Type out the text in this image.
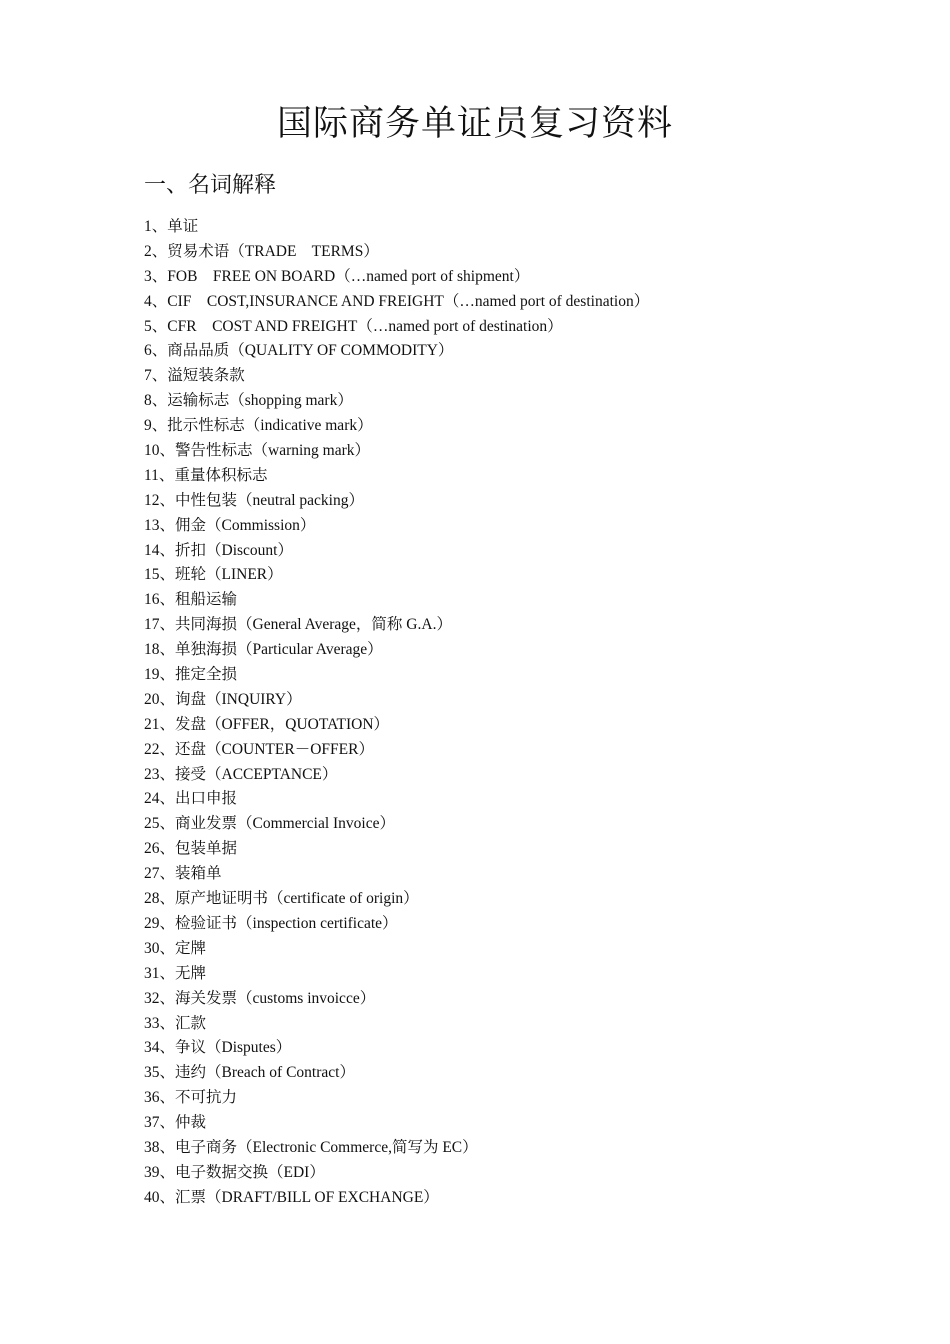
国际商务单证员复习资料
一、名词解释
1、 单证
2、 贸易术语（TRADE    TERMS）
3、 FOB    FREE ON BOARD（…named port of shipment）
4、 CIF    COST,INSURANCE AND FREIGHT（…named port of destination）
5、 CFR    COST AND FREIGHT（…named port of destination）
6、 商品品质（QUALITY OF COMMODITY）
7、 溢短装条款
8、 运输标志（shopping mark）
9、 批示性标志（indicative mark）
10、 警告性标志（warning mark）
11、 重量体积标志
12、 中性包装（neutral packing）
13、 佣金（Commission）
14、 折扣（Discount）
15、 班轮（LINER）
16、 租船运输
17、 共同海损（General Average，简称 G.A.）
18、 单独海损（Particular Average）
19、 推定全损
20、 询盘（INQUIRY）
21、 发盘（OFFER，QUOTATION）
22、 还盘（COUNTER－OFFER）
23、 接受（ACCEPTANCE）
24、 出口申报
25、 商业发票（Commercial Invoice）
26、 包装单据
27、 装箱单
28、 原产地证明书（certificate of origin）
29、 检验证书（inspection certificate）
30、 定牌
31、 无牌
32、 海关发票（customs invoicce）
33、 汇款
34、 争议（Disputes）
35、 违约（Breach of Contract）
36、 不可抗力
37、 仲裁
38、 电子商务（Electronic Commerce,简写为 EC）
39、 电子数据交换（EDI）
40、 汇票（DRAFT/BILL OF EXCHANGE）
